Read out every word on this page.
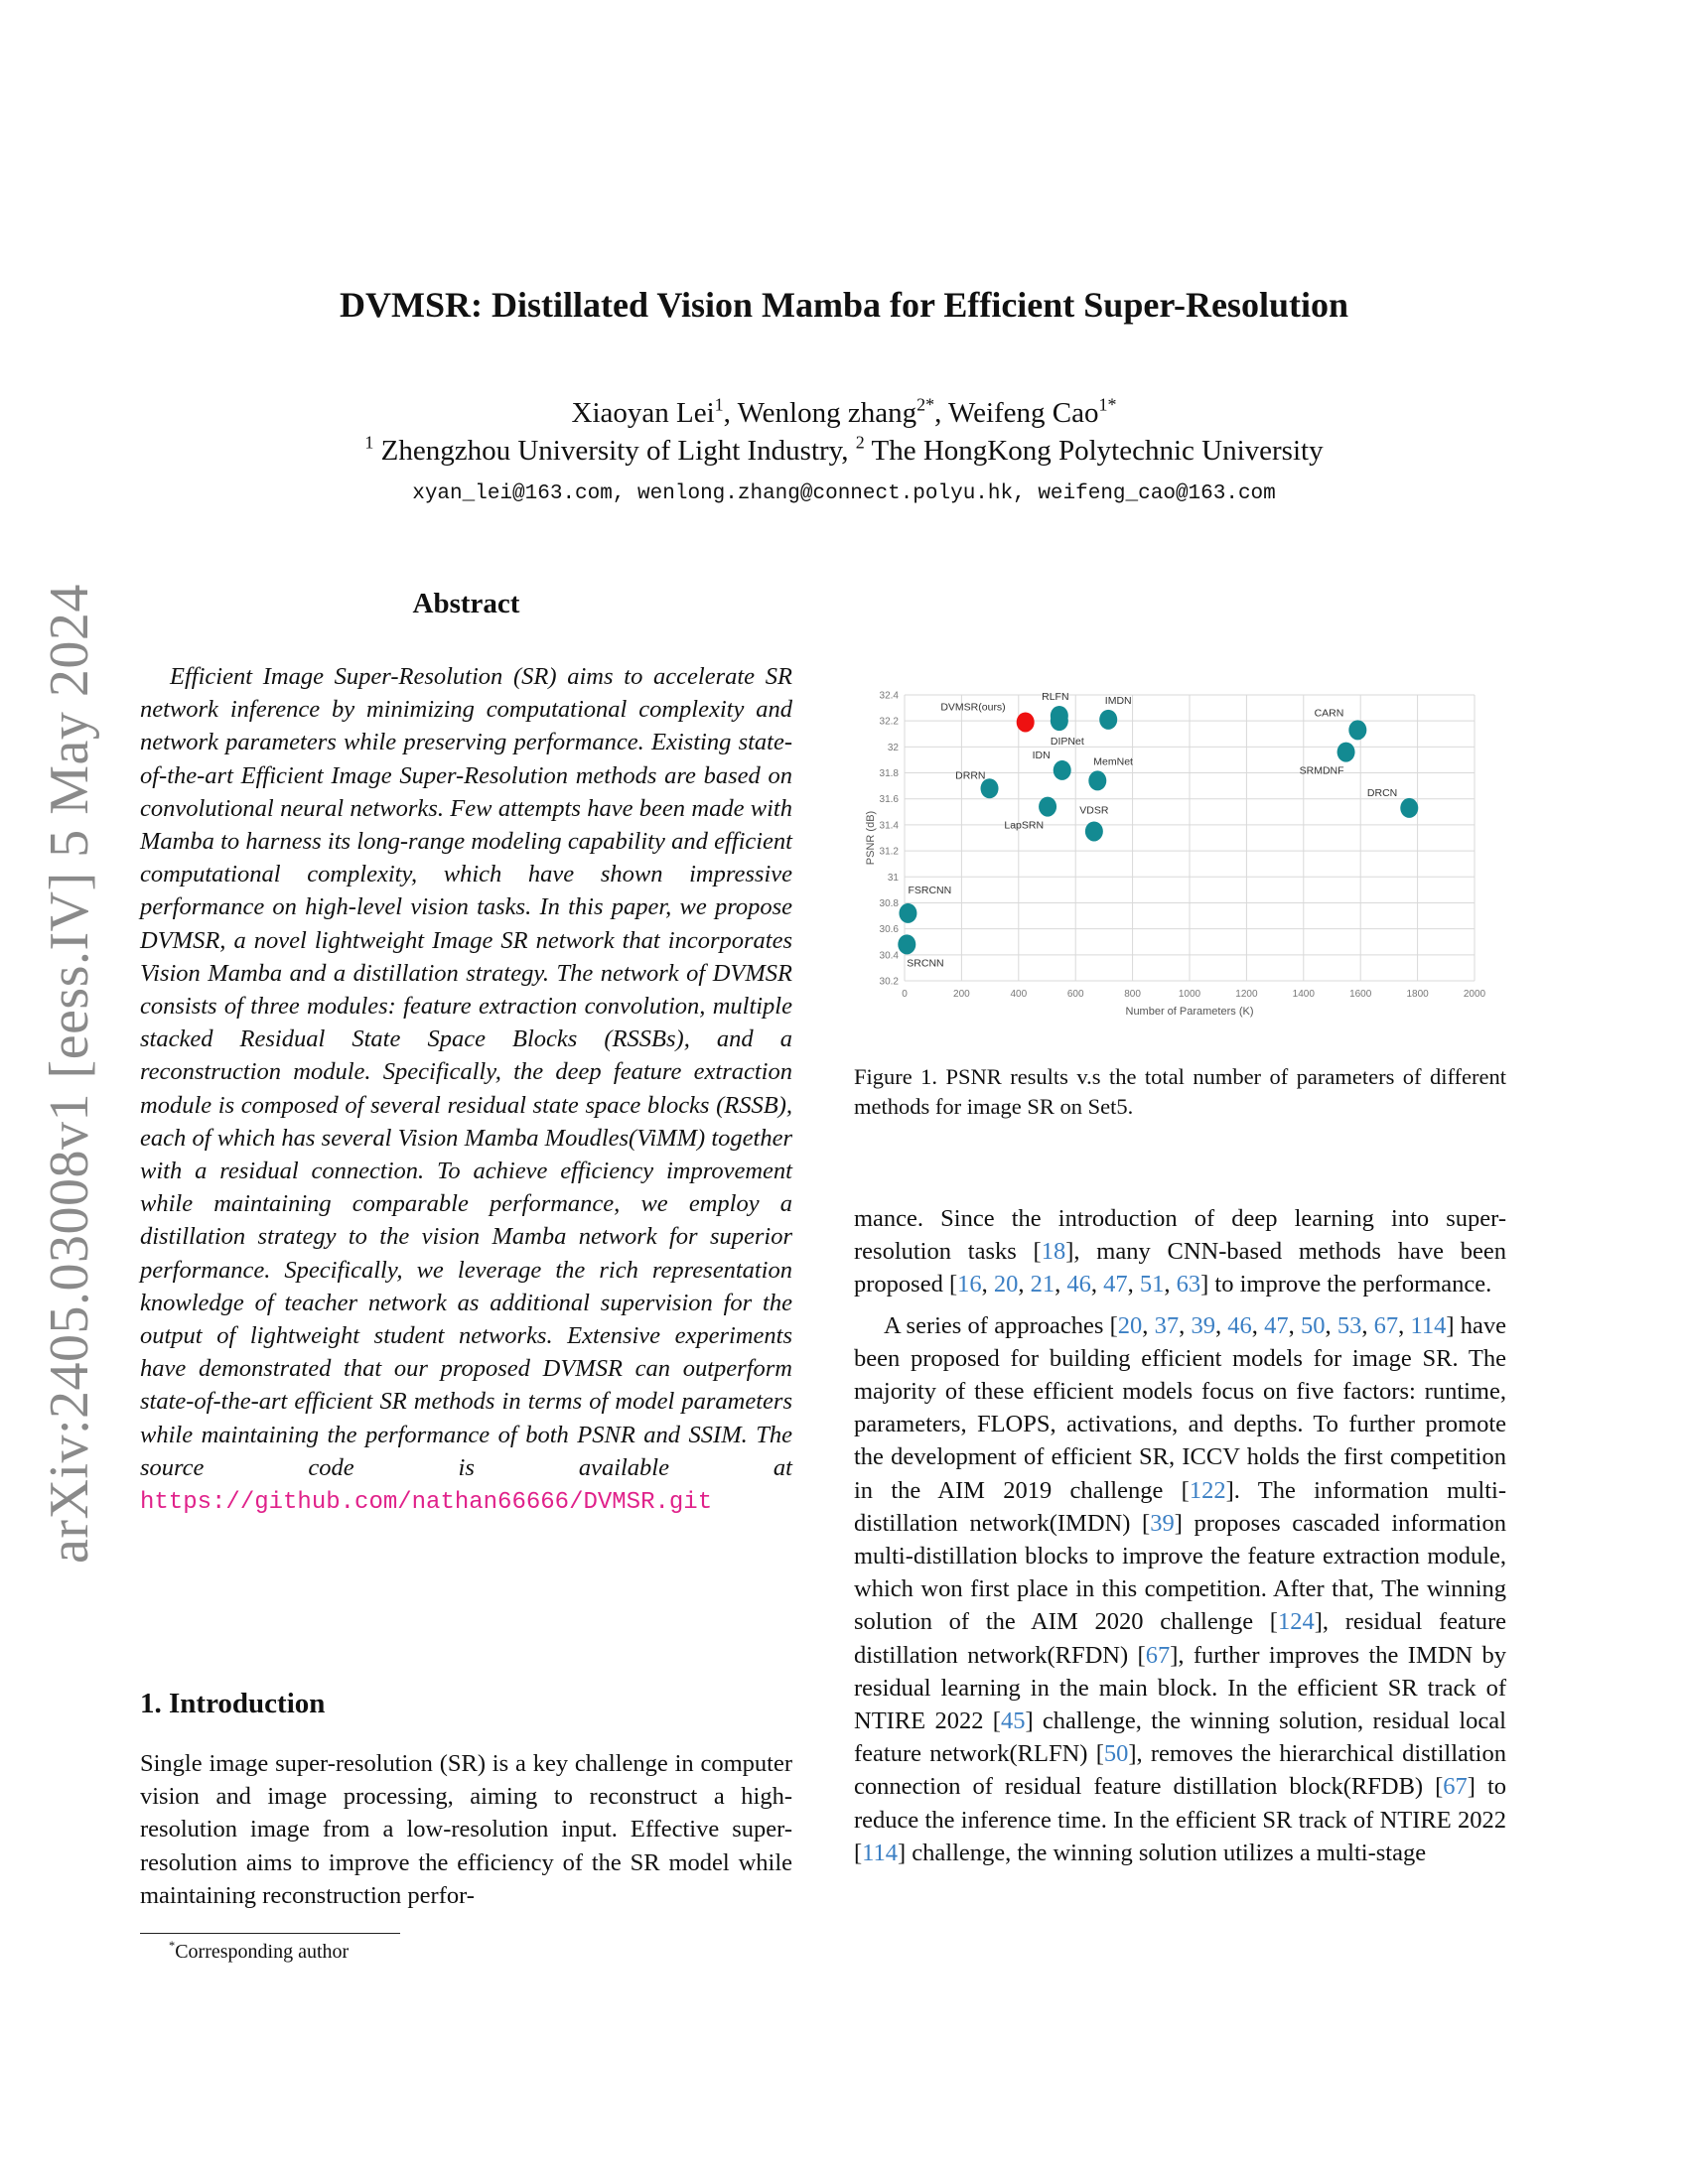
arXiv:2405.03008v1 [eess.IV] 5 May 2024
DVMSR: Distillated Vision Mamba for Efficient Super-Resolution
Xiaoyan Lei$^1$, Wenlong zhang$^{2*}$, Weifeng Cao$^{1*}$
$^1$ Zhengzhou University of Light Industry, $^2$ The HongKong Polytechnic University
xyan_lei@163.com, wenlong.zhang@connect.polyu.hk, weifeng_cao@163.com
Abstract
Efficient Image Super-Resolution (SR) aims to accelerate SR network inference by minimizing computational complexity and network parameters while preserving performance. Existing state-of-the-art Efficient Image Super-Resolution methods are based on convolutional neural networks. Few attempts have been made with Mamba to harness its long-range modeling capability and efficient computational complexity, which have shown impressive performance on high-level vision tasks. In this paper, we propose DVMSR, a novel lightweight Image SR network that incorporates Vision Mamba and a distillation strategy. The network of DVMSR consists of three modules: feature extraction convolution, multiple stacked Residual State Space Blocks (RSSBs), and a reconstruction module. Specifically, the deep feature extraction module is composed of several residual state space blocks (RSSB), each of which has several Vision Mamba Moudles(ViMM) together with a residual connection. To achieve efficiency improvement while maintaining comparable performance, we employ a distillation strategy to the vision Mamba network for superior performance. Specifically, we leverage the rich representation knowledge of teacher network as additional supervision for the output of lightweight student networks. Extensive experiments have demonstrated that our proposed DVMSR can outperform state-of-the-art efficient SR methods in terms of model parameters while maintaining the performance of both PSNR and SSIM. The source code is available at https://github.com/nathan66666/DVMSR.git
1. Introduction
Single image super-resolution (SR) is a key challenge in computer vision and image processing, aiming to reconstruct a high-resolution image from a low-resolution input. Effective super-resolution aims to improve the efficiency of the SR model while maintaining reconstruction perfor-
*Corresponding author
0	200	400	600	800	1000	1200	1400	1600	1800	2000
30.2
30.4
30.6
30.8
31
31.2
31.4
31.6
31.8
32
32.2
32.4
Number of Parameters (K)
PSNR (dB)
DVMSR(ours)
RLFN
DIPNet
IMDN
CARN
SRMDNF
DRCN
IDN
MemNet
DRRN
LapSRN
VDSR
FSRCNN
SRCNN
Figure 1. PSNR results v.s the total number of parameters of different methods for image SR on Set5.

mance. Since the introduction of deep learning into super-resolution tasks [18], many CNN-based methods have been proposed [16, 20, 21, 46, 47, 51, 63] to improve the performance.

A series of approaches [20, 37, 39, 46, 47, 50, 53, 67, 114] have been proposed for building efficient models for image SR. The majority of these efficient models focus on five factors: runtime, parameters, FLOPS, activations, and depths. To further promote the development of efficient SR, ICCV holds the first competition in the AIM 2019 challenge [122]. The information multi-distillation network(IMDN) [39] proposes cascaded information multi-distillation blocks to improve the feature extraction module, which won first place in this competition. After that, The winning solution of the AIM 2020 challenge [124], residual feature distillation network(RFDN) [67], further improves the IMDN by residual learning in the main block. In the efficient SR track of NTIRE 2022 [45] challenge, the winning solution, residual local feature network(RLFN) [50], removes the hierarchical distillation connection of residual feature distillation block(RFDB) [67] to reduce the inference time. In the efficient SR track of NTIRE 2022 [114] challenge, the winning solution utilizes a multi-stage
